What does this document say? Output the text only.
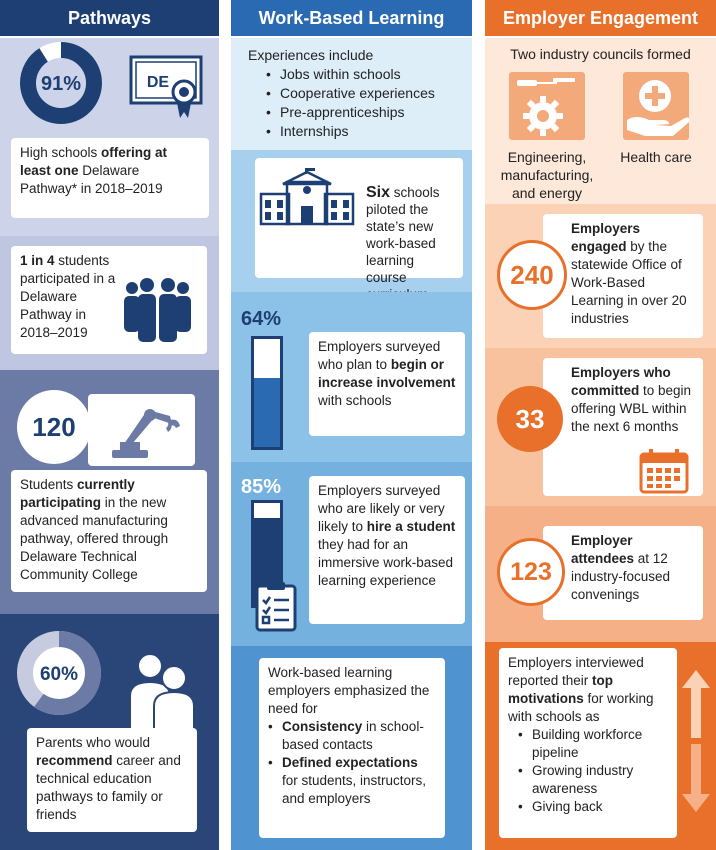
Pathways
91%	DE
High schools offering at least one Delaware Pathway* in 2018–2019
1 in 4 students participated in a Delaware Pathway in 2018–2019
120
Students currently participating in the new advanced manufacturing pathway, offered through Delaware Technical Community College
60%
Parents who would recommend career and technical education pathways to family or friends
Work-Based Learning
Experiences include
• Jobs within schools
• Cooperative experiences
• Pre-apprenticeships
• Internships
Six schools piloted the state’s new work-based learning course
64%
Employers surveyed who plan to begin or increase involvement with schools
85%	Employers surveyed who are likely or very likely to hire a student they had for an immersive work-based learning experience
Work-based learning employers emphasized the need for
• Consistency in school-based contacts
• Defined expectations for students, instructors, and employers
Employer Engagement
Two industry councils formed
Engineering, manufacturing, and energy
Health care
Employers engaged by the statewide Office of Work-Based Learning in over 20 industries
240
Employers who committed to begin offering WBL within the next 6 months
33
Employer attendees at 12 industry-focused convenings
123
Employers interviewed reported their top motivations for working with schools as
• Building workforce pipeline
• Growing industry awareness
• Giving back
